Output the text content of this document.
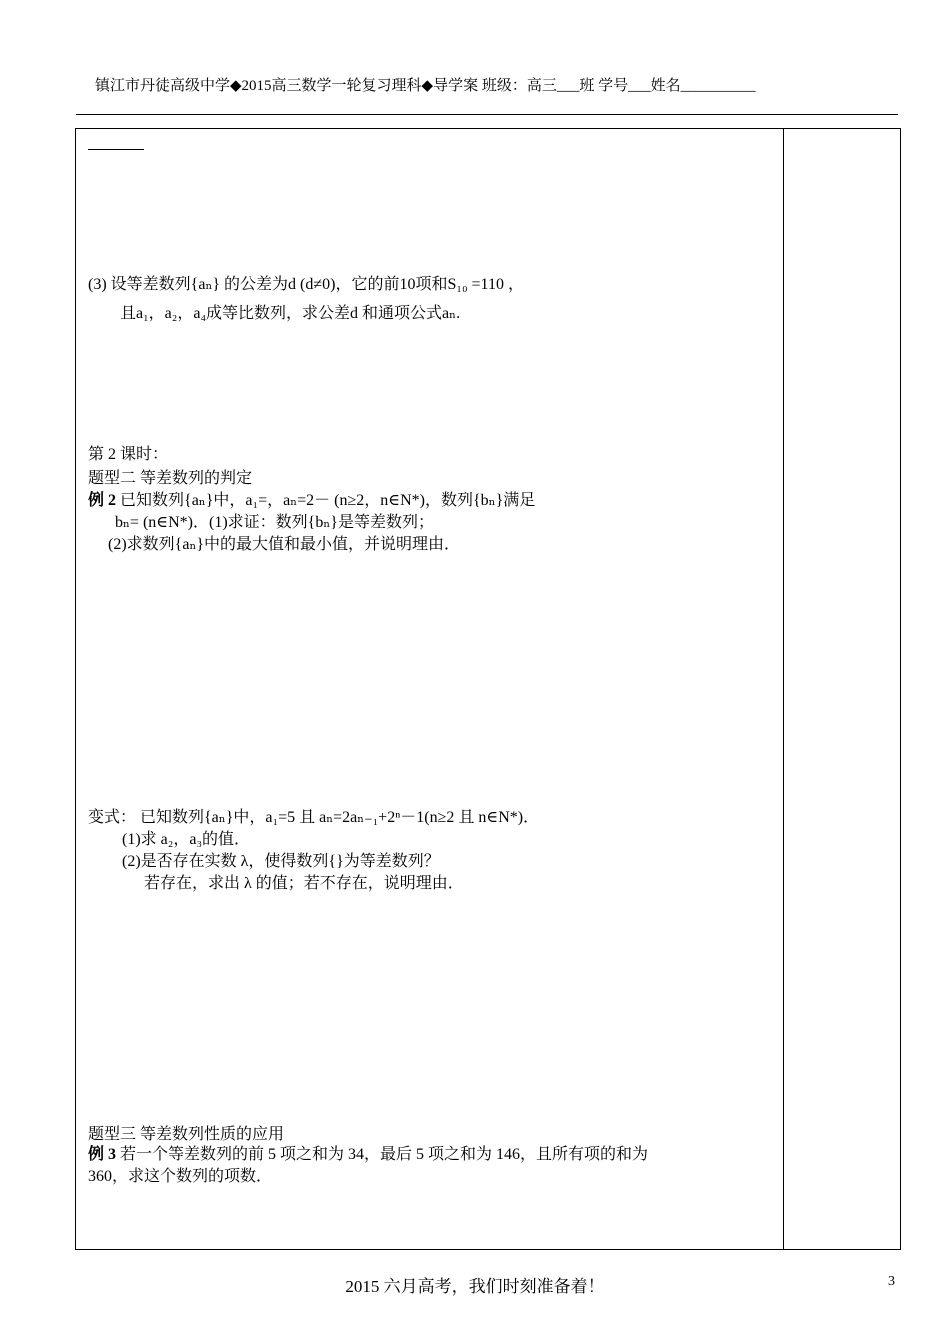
镇江市丹徒高级中学◆2015高三数学一轮复习理科◆导学案 班级：高三___班 学号___姓名__________
(3) 设等差数列{aₙ} 的公差为d (d≠0)，它的前10项和S₁₀ =110 ，
且a₁，a₂，a₄成等比数列，求公差d 和通项公式aₙ.
第 2 课时：
题型二 等差数列的判定
例 2 已知数列{aₙ}中，a₁=，aₙ=2－ (n≥2，n∈N*)，数列{bₙ}满足
bₙ= (n∈N*)．(1)求证：数列{bₙ}是等差数列；
(2)求数列{aₙ}中的最大值和最小值，并说明理由．
变式： 已知数列{aₙ}中，a₁=5 且 aₙ=2aₙ₋₁+2ⁿ－1(n≥2 且 n∈N*)．
(1)求 a₂，a₃的值．
(2)是否存在实数 λ，使得数列{}为等差数列？
若存在，求出 λ 的值；若不存在，说明理由．
题型三 等差数列性质的应用
例 3 若一个等差数列的前 5 项之和为 34，最后 5 项之和为 146，且所有项的和为
360，求这个数列的项数．
2015 六月高考，我们时刻准备着！	3
